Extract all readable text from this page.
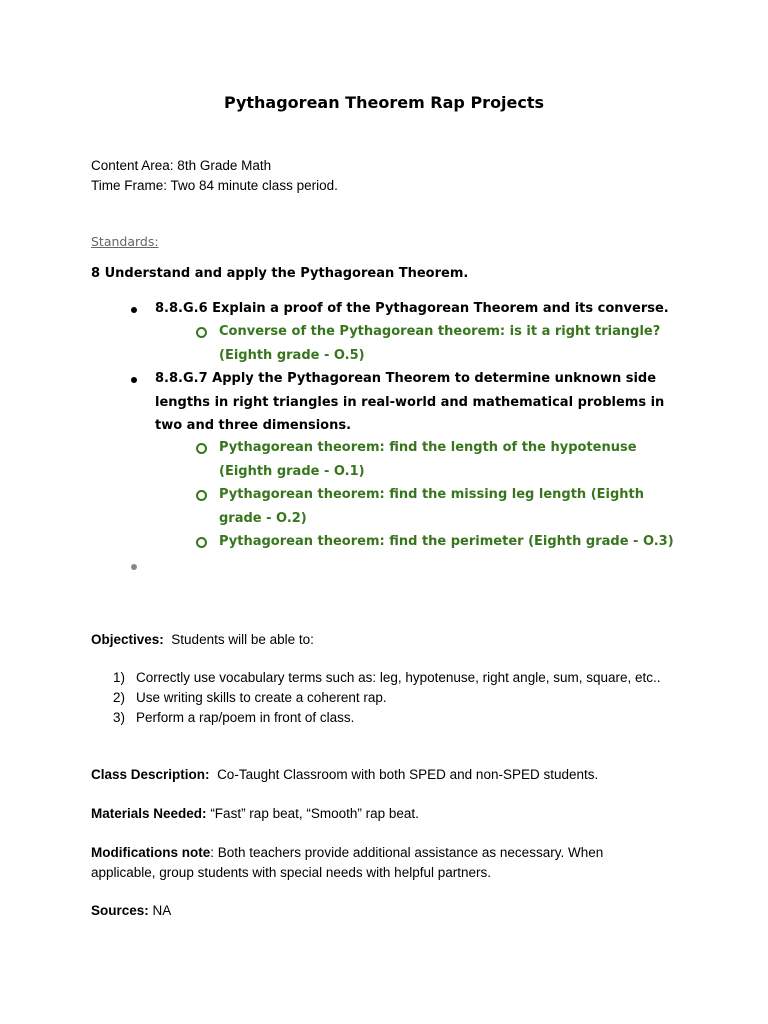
Pythagorean Theorem Rap Projects
Content Area: 8th Grade Math
Time Frame: Two 84 minute class period.
Standards:
8 Understand and apply the Pythagorean Theorem.
8.8.G.6 Explain a proof of the Pythagorean Theorem and its converse.
Converse of the Pythagorean theorem: is it a right triangle? (Eighth grade - O.5)
8.8.G.7 Apply the Pythagorean Theorem to determine unknown side lengths in right triangles in real-world and mathematical problems in two and three dimensions.
Pythagorean theorem: find the length of the hypotenuse (Eighth grade - O.1)
Pythagorean theorem: find the missing leg length (Eighth grade - O.2)
Pythagorean theorem: find the perimeter (Eighth grade - O.3)
Objectives: Students will be able to:
1) Correctly use vocabulary terms such as: leg, hypotenuse, right angle, sum, square, etc..
2) Use writing skills to create a coherent rap.
3) Perform a rap/poem in front of class.
Class Description: Co-Taught Classroom with both SPED and non-SPED students.
Materials Needed: “Fast” rap beat, “Smooth” rap beat.
Modifications note: Both teachers provide additional assistance as necessary. When
applicable, group students with special needs with helpful partners.
Sources: NA
